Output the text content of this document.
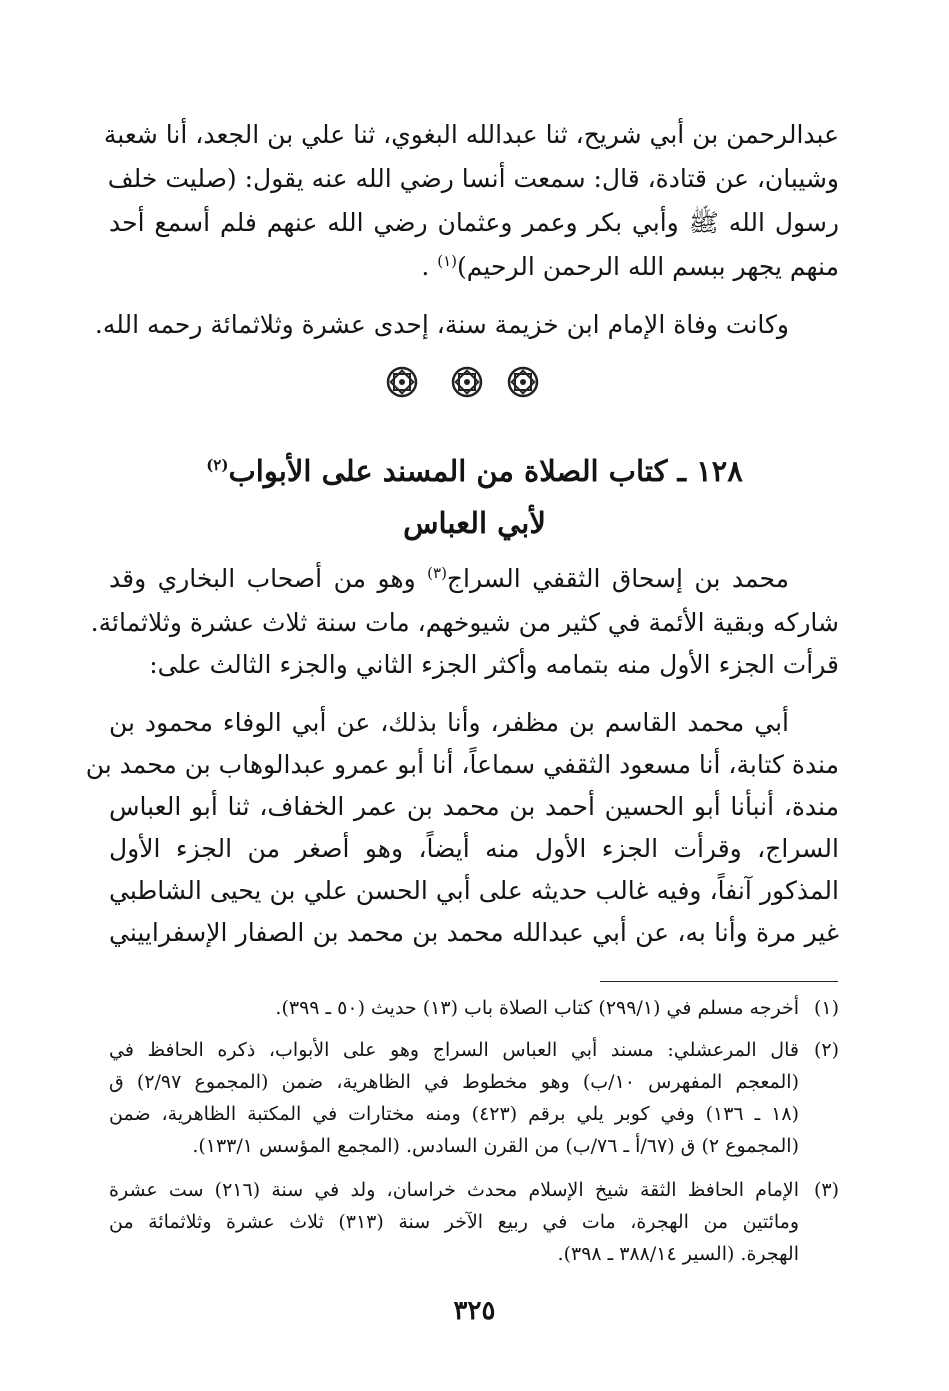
عبدالرحمن بن أبي شريح، ثنا عبدالله البغوي، ثنا علي بن الجعد، أنا شعبة
وشيبان، عن قتادة، قال: سمعت أنسا رضي الله عنه يقول: (صليت خلف
رسول الله ﷺ وأبي بكر وعمر وعثمان رضي الله عنهم فلم أسمع أحد
منهم يجهر ببسم الله الرحمن الرحيم)$^{(١)}$ .
وكانت وفاة الإمام ابن خزيمة سنة، إحدى عشرة وثلاثمائة رحمه الله.
١٢٨ ـ كتاب الصلاة من المسند على الأبواب$^{(٢)}$
لأبي العباس
محمد بن إسحاق الثقفي السراج$^{(٣)}$ وهو من أصحاب البخاري وقد
شاركه وبقية الأئمة في كثير من شيوخهم، مات سنة ثلاث عشرة وثلاثمائة.
قرأت الجزء الأول منه بتمامه وأكثر الجزء الثاني والجزء الثالث على:
أبي محمد القاسم بن مظفر، وأنا بذلك، عن أبي الوفاء محمود بن
مندة كتابة، أنا مسعود الثقفي سماعاً، أنا أبو عمرو عبدالوهاب بن محمد بن
مندة، أنبأنا أبو الحسين أحمد بن محمد بن عمر الخفاف، ثنا أبو العباس
السراج، وقرأت الجزء الأول منه أيضاً، وهو أصغر من الجزء الأول
المذكور آنفاً، وفيه غالب حديثه على أبي الحسن علي بن يحيى الشاطبي
غير مرة وأنا به، عن أبي عبدالله محمد بن محمد بن الصفار الإسفراييني
(١)
أخرجه مسلم في (٢٩٩/١) كتاب الصلاة باب (١٣) حديث (٥٠ ـ ٣٩٩).
(٢)
قال المرعشلي: مسند أبي العباس السراج وهو على الأبواب، ذكره الحافظ في
(المعجم المفهرس ١٠/ب) وهو مخطوط في الظاهرية، ضمن (المجموع ٢/٩٧) ق
(١٨ ـ ١٣٦) وفي كوبر يلي برقم (٤٢٣) ومنه مختارات في المكتبة الظاهرية، ضمن
(المجموع ٢) ق (٦٧/أ ـ ٧٦/ب) من القرن السادس. (المجمع المؤسس ١٣٣/١).
(٣)
الإمام الحافظ الثقة شيخ الإسلام محدث خراسان، ولد في سنة (٢١٦) ست عشرة
ومائتين من الهجرة، مات في ربيع الآخر سنة (٣١٣) ثلاث عشرة وثلاثمائة من
الهجرة. (السير ٣٨٨/١٤ ـ ٣٩٨).
٣٢٥
